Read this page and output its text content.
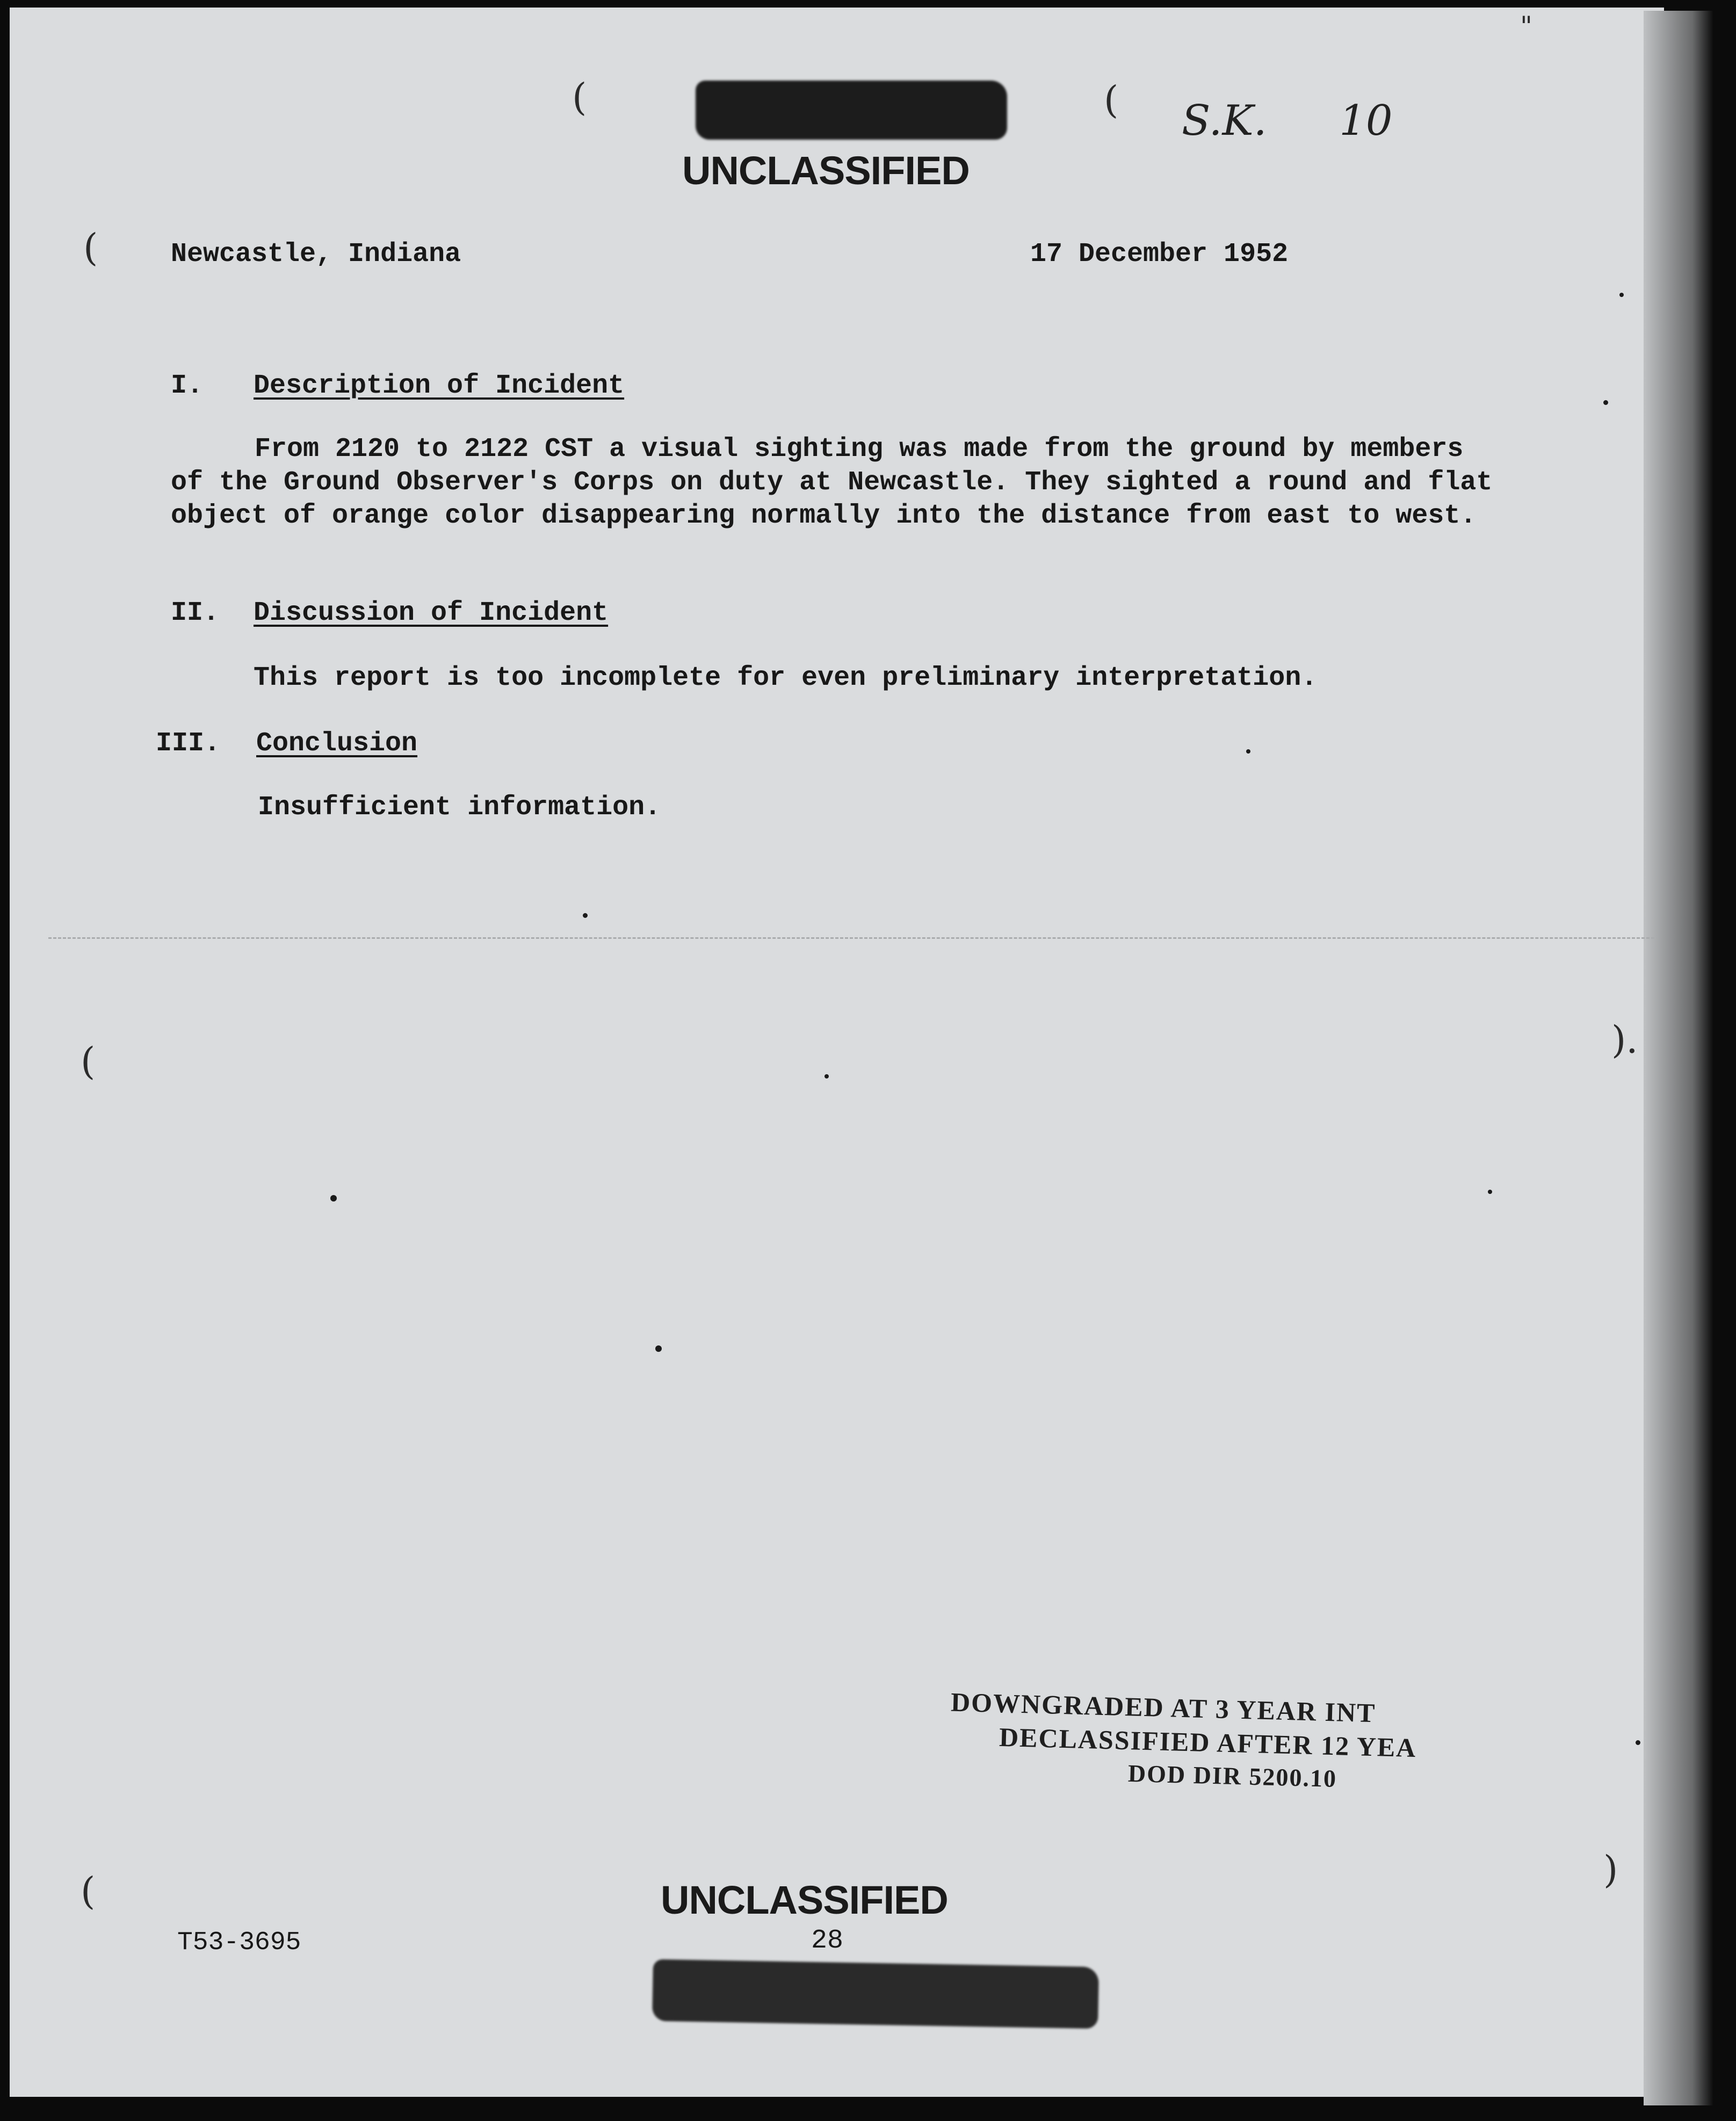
UNCLASSIFIED
S.K. 10
Newcastle, Indiana	17 December 1952
I. Description of Incident
From 2120 to 2122 CST a visual sighting was made from the ground by members of the Ground Observer's Corps on duty at Newcastle. They sighted a round and flat object of orange color disappearing normally into the distance from east to west.
II. Discussion of Incident
This report is too incomplete for even preliminary interpretation.
III. Conclusion
Insufficient information.
DOWNGRADED AT 3 YEAR INT
DECLASSIFIED AFTER 12 YEA
DOD DIR 5200.10
T53-3695
UNCLASSIFIED
28
(
(	(
(	).
(	)
"
